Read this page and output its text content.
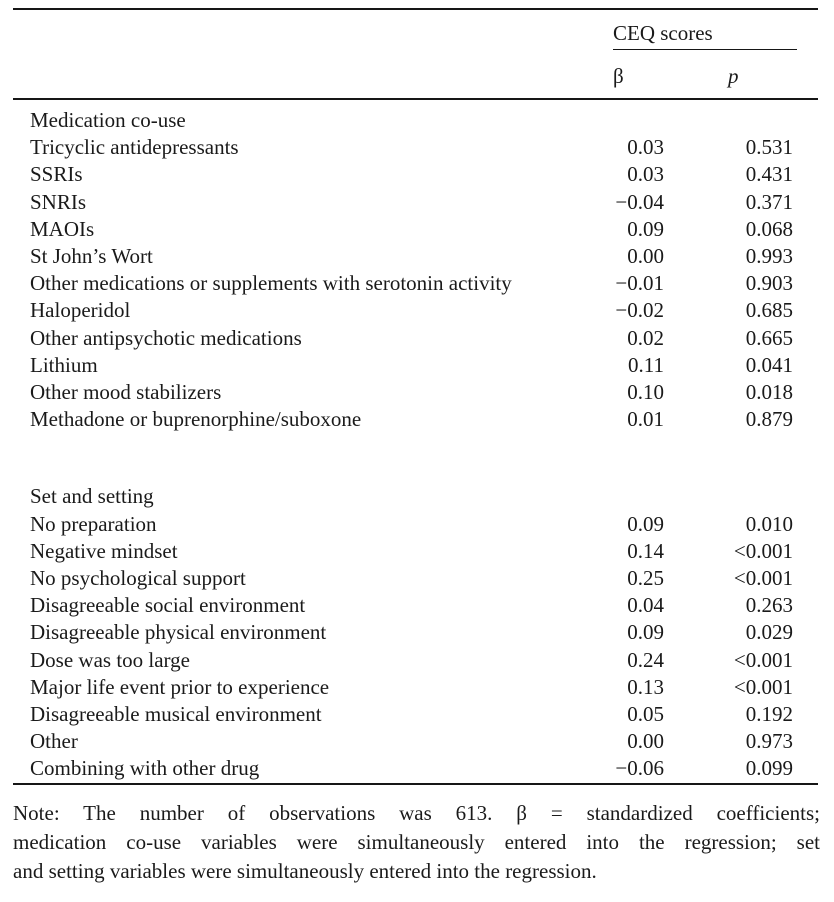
	CEQ scores	
	β	p
Medication co-use		
Tricyclic antidepressants	0.03	0.531
SSRIs	0.03	0.431
SNRIs	−0.04	0.371
MAOIs	0.09	0.068
St John’s Wort	0.00	0.993
Other medications or supplements with serotonin activity	−0.01	0.903
Haloperidol	−0.02	0.685
Other antipsychotic medications	0.02	0.665
Lithium	0.11	0.041
Other mood stabilizers	0.10	0.018
Methadone or buprenorphine/suboxone	0.01	0.879

Set and setting		
No preparation	0.09	0.010
Negative mindset	0.14	<0.001
No psychological support	0.25	<0.001
Disagreeable social environment	0.04	0.263
Disagreeable physical environment	0.09	0.029
Dose was too large	0.24	<0.001
Major life event prior to experience	0.13	<0.001
Disagreeable musical environment	0.05	0.192
Other	0.00	0.973
Combining with other drug	−0.06	0.099
Note: The number of observations was 613. β = standardized coefficients;
medication co-use variables were simultaneously entered into the regression; set
and setting variables were simultaneously entered into the regression.
